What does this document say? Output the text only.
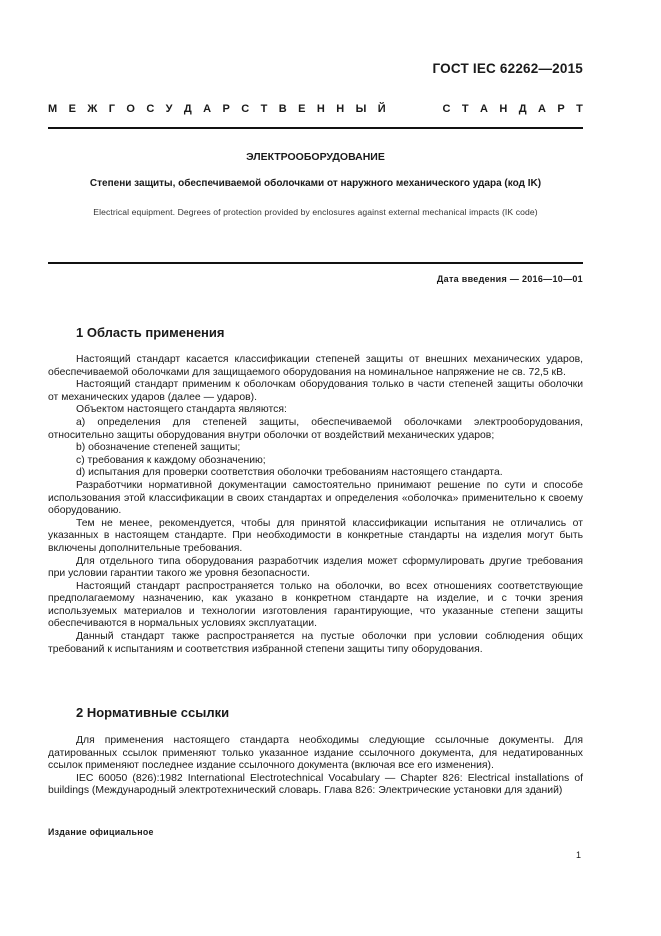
ГОСТ IEC 62262—2015
М Е Ж Г О С У Д А Р С Т В Е Н Н Ы Й	С Т А Н Д А Р Т
ЭЛЕКТРООБОРУДОВАНИЕ
Степени защиты, обеспечиваемой оболочками от наружного механического удара (код IK)
Electrical equipment. Degrees of protection provided by enclosures against external mechanical impacts (IK code)
Дата введения — 2016—10—01
1 Область применения

Настоящий стандарт касается классификации степеней защиты от внешних механических ударов, обеспечиваемой оболочками для защищаемого оборудования на номинальное напряжение не св. 72,5 кВ.

Настоящий стандарт применим к оболочкам оборудования только в части степеней защиты оболочки от механических ударов (далее — ударов).

Объектом настоящего стандарта являются:

a) определения для степеней защиты, обеспечиваемой оболочками электрооборудования, относительно защиты оборудования внутри оболочки от воздействий механических ударов;

b) обозначение степеней защиты;

c) требования к каждому обозначению;

d) испытания для проверки соответствия оболочки требованиям настоящего стандарта.

Разработчики нормативной документации самостоятельно принимают решение по сути и способе использования этой классификации в своих стандартах и определения «оболочка» применительно к своему оборудованию.

Тем не менее, рекомендуется, чтобы для принятой классификации испытания не отличались от указанных в настоящем стандарте. При необходимости в конкретные стандарты на изделия могут быть включены дополнительные требования.

Для отдельного типа оборудования разработчик изделия может сформулировать другие требования при условии гарантии такого же уровня безопасности.

Настоящий стандарт распространяется только на оболочки, во всех отношениях соответствующие предполагаемому назначению, как указано в конкретном стандарте на изделие, и с точки зрения используемых материалов и технологии изготовления гарантирующие, что указанные степени защиты обеспечиваются в нормальных условиях эксплуатации.

Данный стандарт также распространяется на пустые оболочки при условии соблюдения общих требований к испытаниям и соответствия избранной степени защиты типу оборудования.

2 Нормативные ссылки

Для применения настоящего стандарта необходимы следующие ссылочные документы. Для датированных ссылок применяют только указанное издание ссылочного документа, для недатированных ссылок применяют последнее издание ссылочного документа (включая все его изменения).

IEC 60050 (826):1982 International Electrotechnical Vocabulary — Chapter 826: Electrical installations of buildings (Международный электротехнический словарь. Глава 826: Электрические установки для зданий)

Издание официальное
1
